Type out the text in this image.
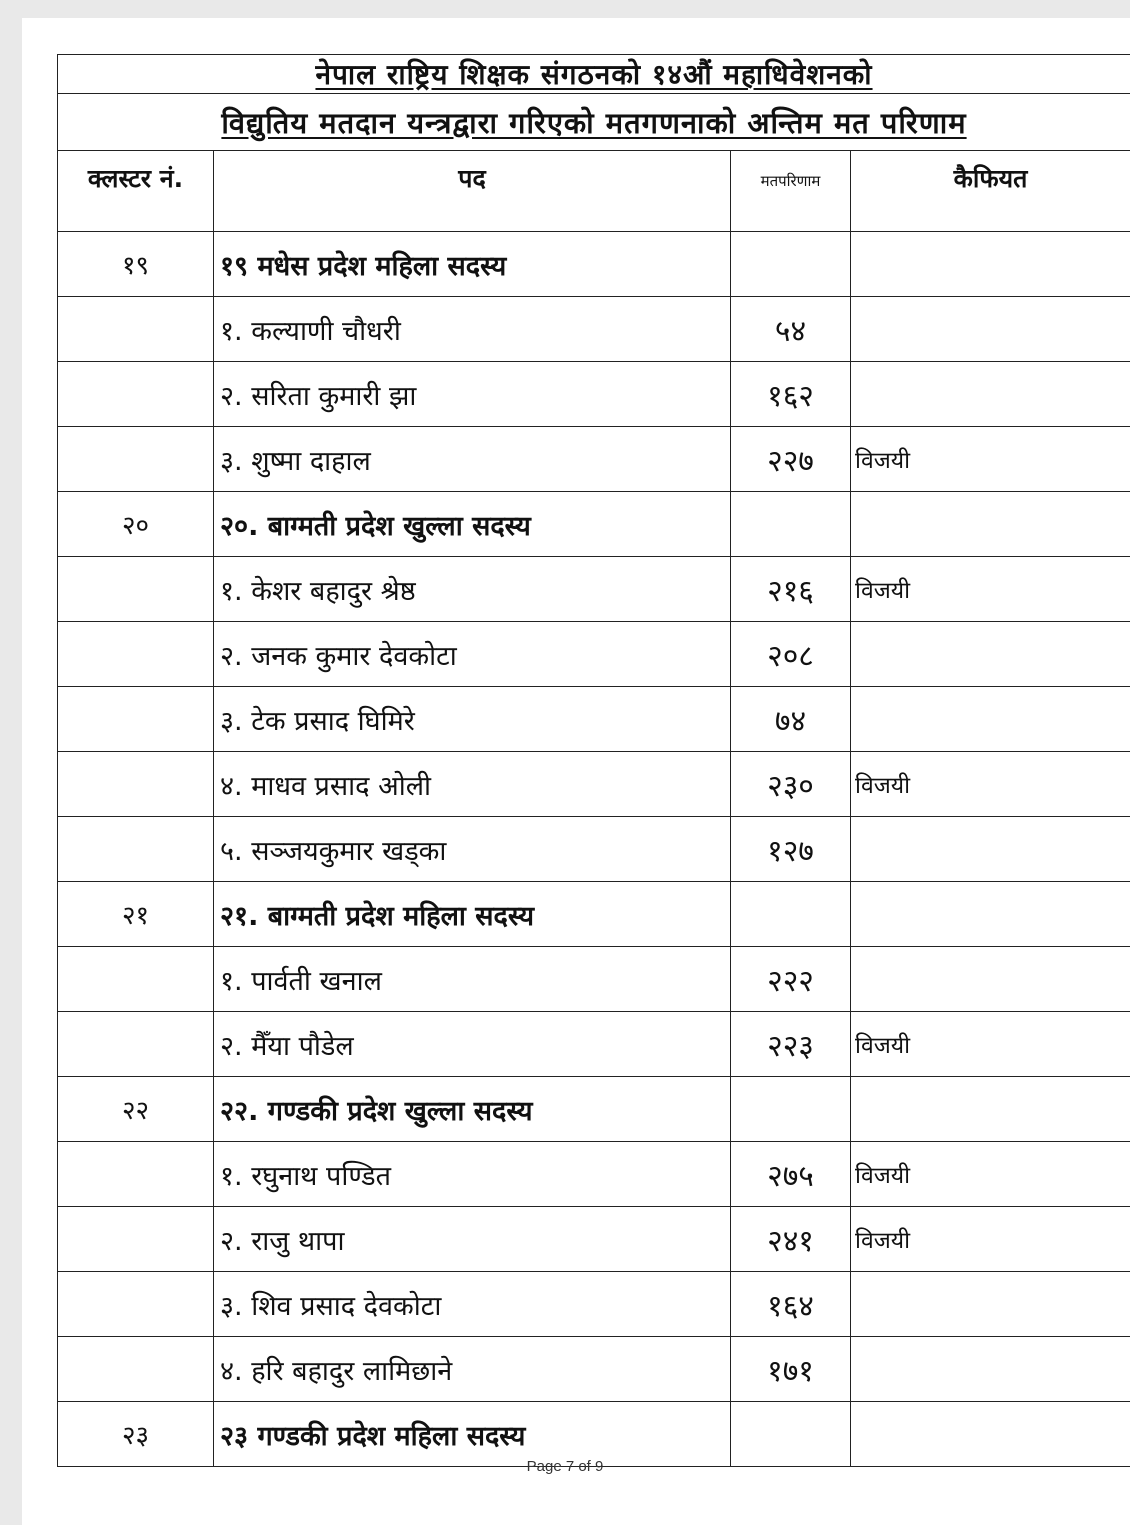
नेपाल राष्ट्रिय शिक्षक संगठनको १४औं महाधिवेशनको			
विद्युतिय मतदान यन्त्रद्वारा गरिएको मतगणनाको अन्तिम मत परिणाम			
क्लस्टर नं.	पद	मतपरिणाम	कैफियत
१९	१९ मधेस प्रदेश महिला सदस्य		
	१. कल्याणी चौधरी	५४	
	२. सरिता कुमारी झा	१६२	
	३. शुष्मा दाहाल	२२७	विजयी
२०	२०. बाग्मती प्रदेश खुल्ला सदस्य		
	१. केशर बहादुर श्रेष्ठ	२१६	विजयी
	२. जनक कुमार देवकोटा	२०८	
	३. टेक प्रसाद घिमिरे	७४	
	४. माधव प्रसाद ओली	२३०	विजयी
	५. सञ्जयकुमार खड्का	१२७	
२१	२१. बाग्मती प्रदेश महिला सदस्य		
	१. पार्वती खनाल	२२२	
	२. मैँया पौडेल	२२३	विजयी
२२	२२. गण्डकी प्रदेश खुल्ला सदस्य		
	१. रघुनाथ पण्डित	२७५	विजयी
	२. राजु थापा	२४१	विजयी
	३. शिव प्रसाद देवकोटा	१६४	
	४. हरि बहादुर लामिछाने	१७१	
२३	२३ गण्डकी प्रदेश महिला सदस्य		
Page 7 of 9
